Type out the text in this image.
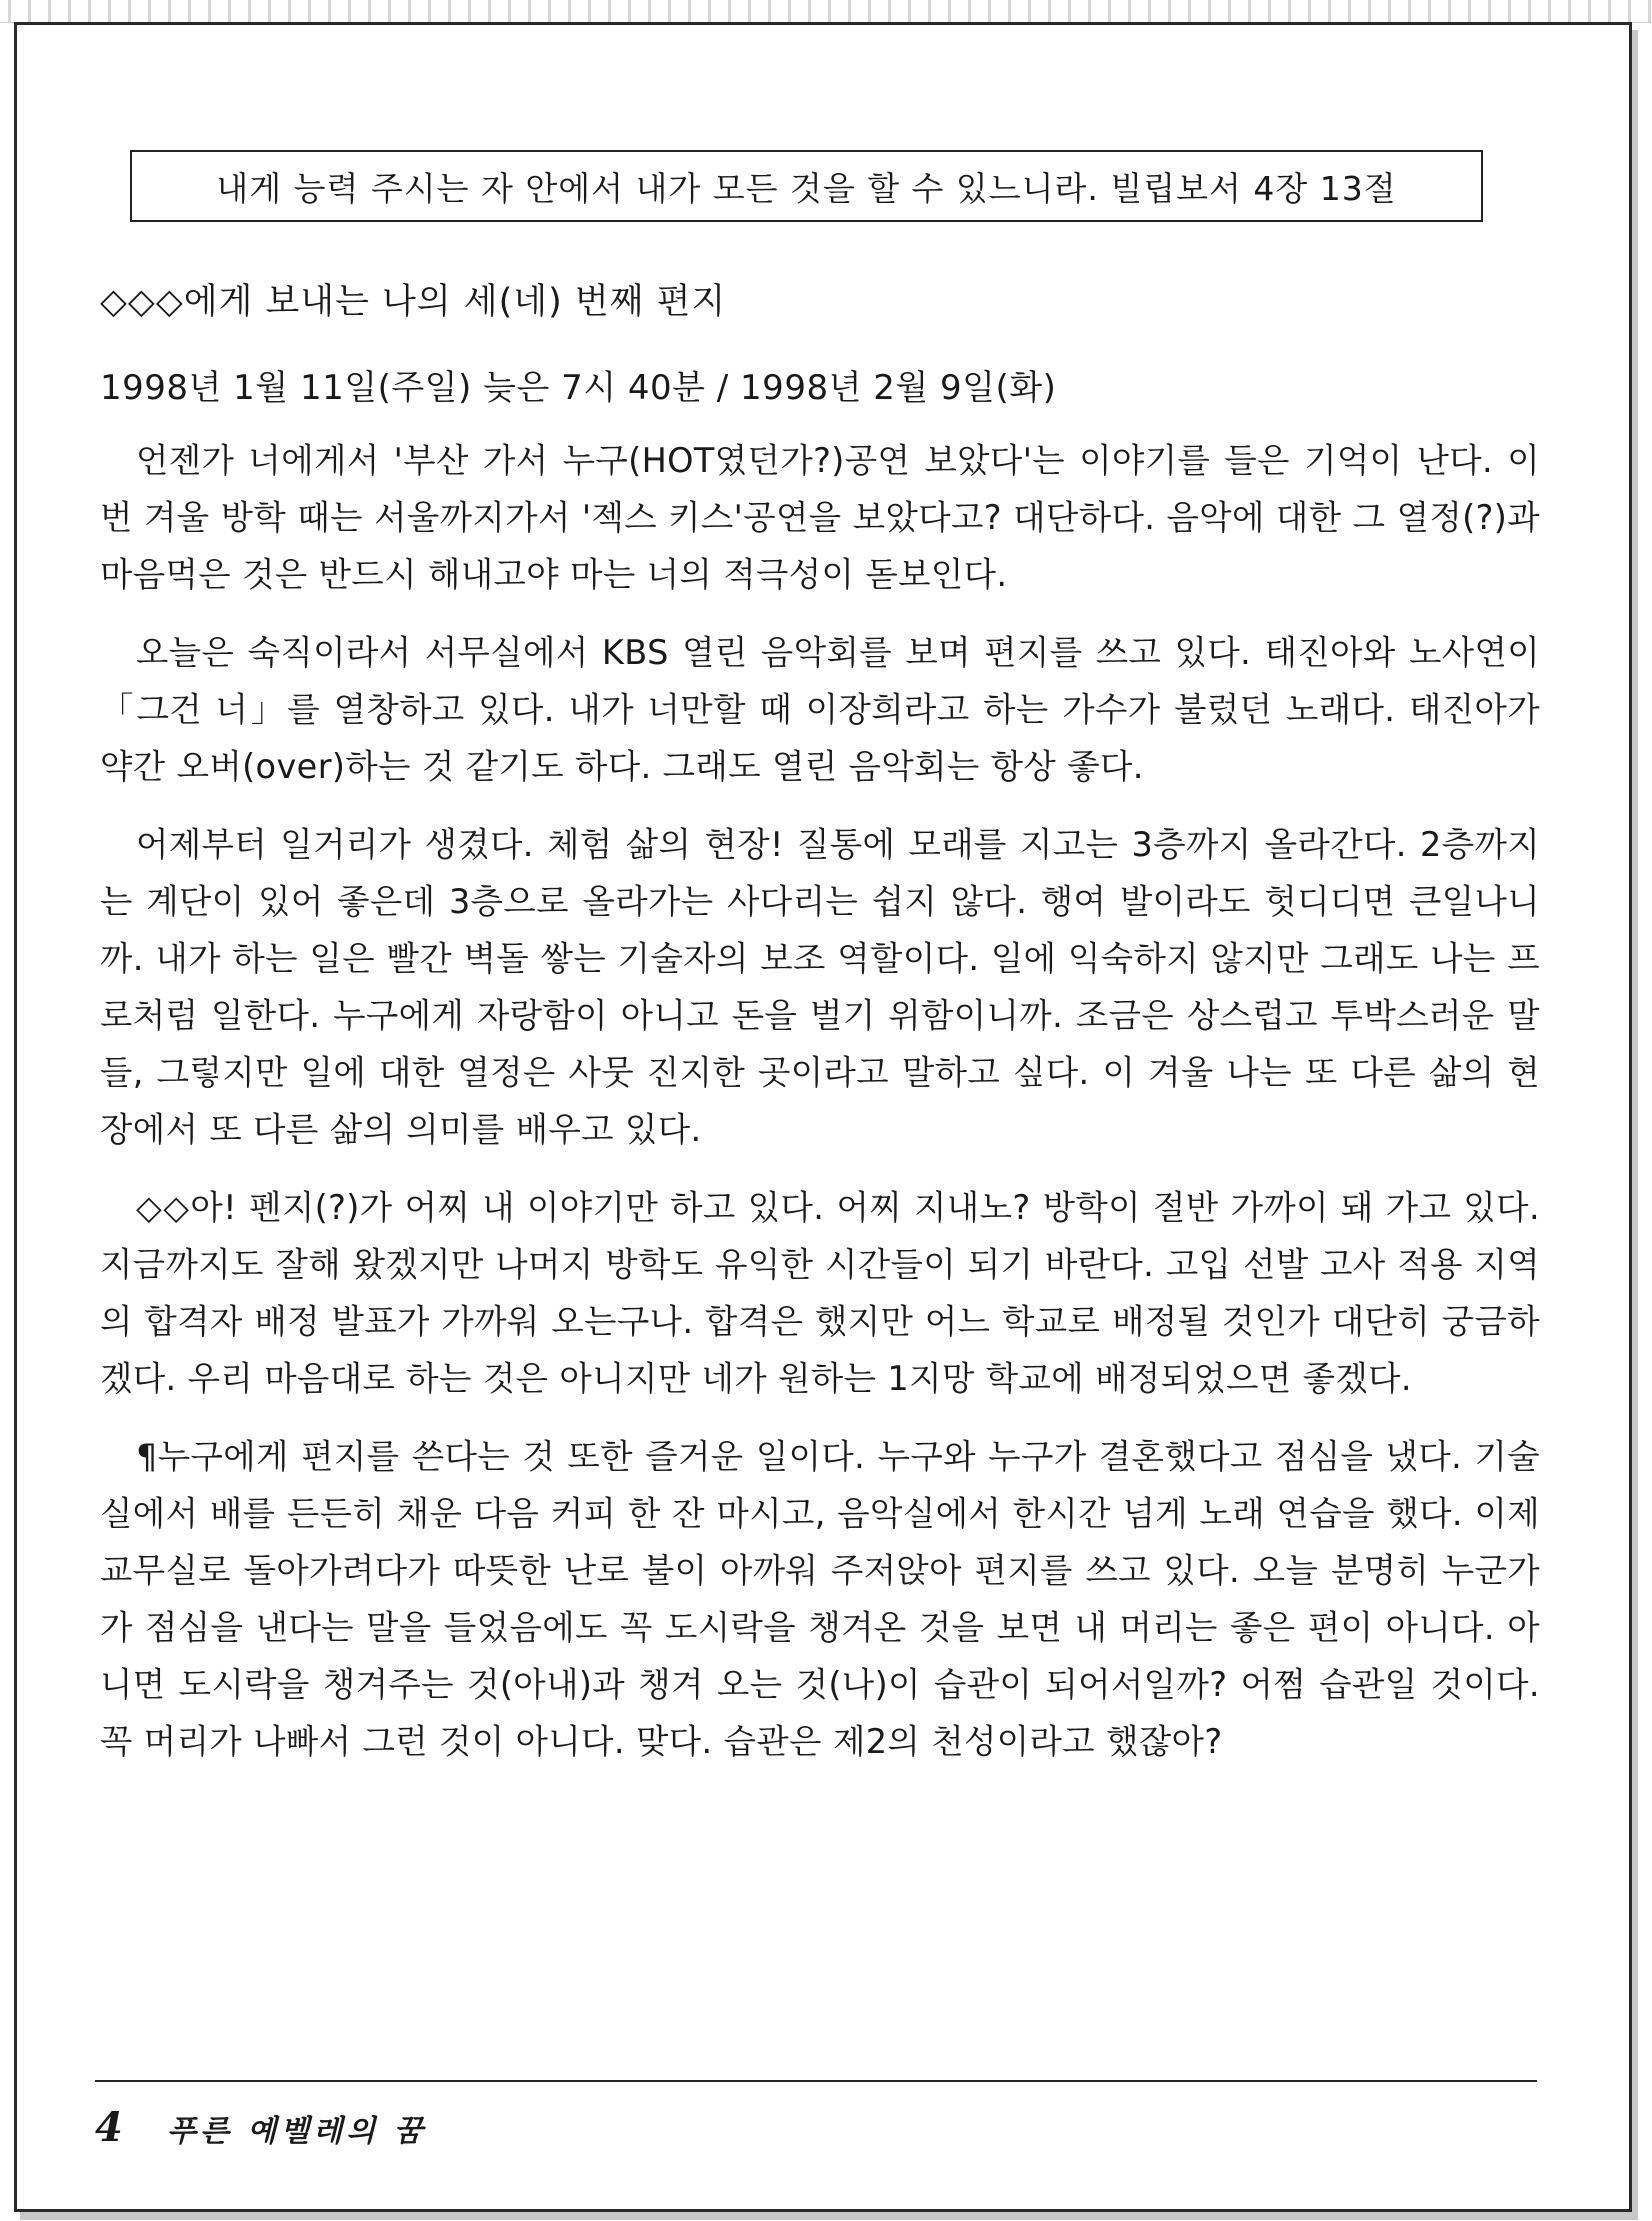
내게 능력 주시는 자 안에서 내가 모든 것을 할 수 있느니라. 빌립보서 4장 13절
◇◇◇에게 보내는 나의 세(네) 번째 편지
1998년 1월 11일(주일) 늦은 7시 40분 / 1998년 2월 9일(화)

언젠가 너에게서 '부산 가서 누구(HOT였던가?)공연 보았다'는 이야기를 들은 기억이 난다. 이번 겨울 방학 때는 서울까지가서 '젝스 키스'공연을 보았다고? 대단하다. 음악에 대한 그 열정(?)과 마음먹은 것은 반드시 해내고야 마는 너의 적극성이 돋보인다.

오늘은 숙직이라서 서무실에서 KBS 열린 음악회를 보며 편지를 쓰고 있다. 태진아와 노사연이 「그건 너」를 열창하고 있다. 내가 너만할 때 이장희라고 하는 가수가 불렀던 노래다. 태진아가 약간 오버(over)하는 것 같기도 하다. 그래도 열린 음악회는 항상 좋다.

어제부터 일거리가 생겼다. 체험 삶의 현장! 질통에 모래를 지고는 3층까지 올라간다. 2층까지는 계단이 있어 좋은데 3층으로 올라가는 사다리는 쉽지 않다. 행여 발이라도 헛디디면 큰일나니까. 내가 하는 일은 빨간 벽돌 쌓는 기술자의 보조 역할이다. 일에 익숙하지 않지만 그래도 나는 프로처럼 일한다. 누구에게 자랑함이 아니고 돈을 벌기 위함이니까. 조금은 상스럽고 투박스러운 말들, 그렇지만 일에 대한 열정은 사뭇 진지한 곳이라고 말하고 싶다. 이 겨울 나는 또 다른 삶의 현장에서 또 다른 삶의 의미를 배우고 있다.

◇◇아! 펜지(?)가 어찌 내 이야기만 하고 있다. 어찌 지내노? 방학이 절반 가까이 돼 가고 있다. 지금까지도 잘해 왔겠지만 나머지 방학도 유익한 시간들이 되기 바란다. 고입 선발 고사 적용 지역의 합격자 배정 발표가 가까워 오는구나. 합격은 했지만 어느 학교로 배정될 것인가 대단히 궁금하겠다. 우리 마음대로 하는 것은 아니지만 네가 원하는 1지망 학교에 배정되었으면 좋겠다.

¶누구에게 편지를 쓴다는 것 또한 즐거운 일이다. 누구와 누구가 결혼했다고 점심을 냈다. 기술실에서 배를 든든히 채운 다음 커피 한 잔 마시고, 음악실에서 한시간 넘게 노래 연습을 했다. 이제 교무실로 돌아가려다가 따뜻한 난로 불이 아까워 주저앉아 편지를 쓰고 있다. 오늘 분명히 누군가가 점심을 낸다는 말을 들었음에도 꼭 도시락을 챙겨온 것을 보면 내 머리는 좋은 편이 아니다. 아니면 도시락을 챙겨주는 것(아내)과 챙겨 오는 것(나)이 습관이 되어서일까? 어쩜 습관일 것이다. 꼭 머리가 나빠서 그런 것이 아니다. 맞다. 습관은 제2의 천성이라고 했잖아?

4 푸른 예벨레의 꿈
